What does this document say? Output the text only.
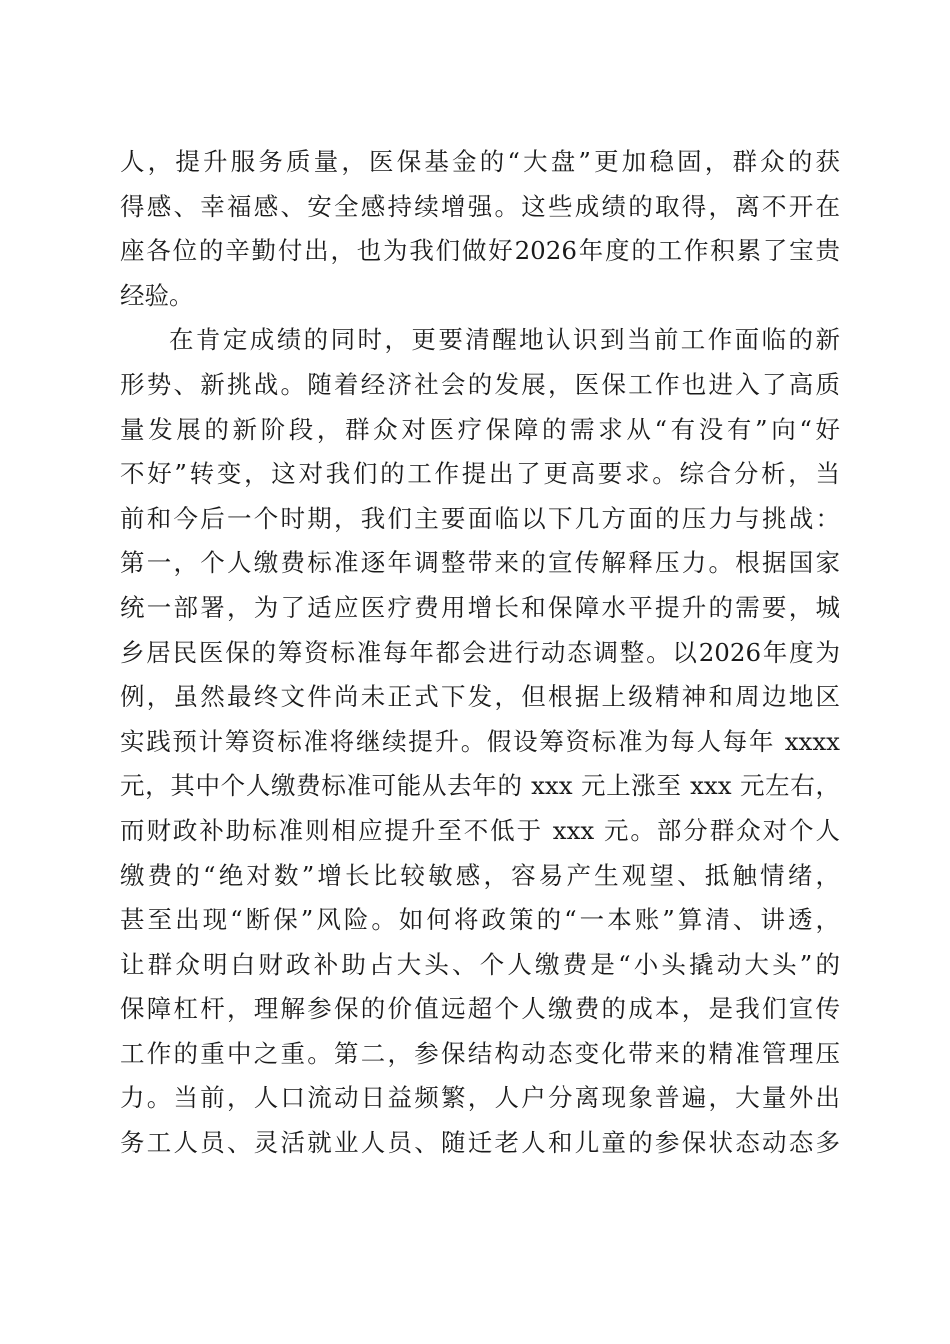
人，提升服务质量，医保基金的“大盘”更加稳固，群众的获
得感、幸福感、安全感持续增强。这些成绩的取得，离不开在
座各位的辛勤付出，也为我们做好2026年度的工作积累了宝贵
经验。
在肯定成绩的同时，更要清醒地认识到当前工作面临的新
形势、新挑战。随着经济社会的发展，医保工作也进入了高质
量发展的新阶段，群众对医疗保障的需求从“有没有”向“好
不好”转变，这对我们的工作提出了更高要求。综合分析，当
前和今后一个时期，我们主要面临以下几方面的压力与挑战：
第一，个人缴费标准逐年调整带来的宣传解释压力。根据国家
统一部署，为了适应医疗费用增长和保障水平提升的需要，城
乡居民医保的筹资标准每年都会进行动态调整。以2026年度为
例，虽然最终文件尚未正式下发，但根据上级精神和周边地区
实践预计筹资标准将继续提升。假设筹资标准为每人每年 xxxx
元，其中个人缴费标准可能从去年的 xxx 元上涨至 xxx 元左右，
而财政补助标准则相应提升至不低于 xxx 元。部分群众对个人
缴费的“绝对数”增长比较敏感，容易产生观望、抵触情绪，
甚至出现“断保”风险。如何将政策的“一本账”算清、讲透，
让群众明白财政补助占大头、个人缴费是“小头撬动大头”的
保障杠杆，理解参保的价值远超个人缴费的成本，是我们宣传
工作的重中之重。第二，参保结构动态变化带来的精准管理压
力。当前，人口流动日益频繁，人户分离现象普遍，大量外出
务工人员、灵活就业人员、随迁老人和儿童的参保状态动态多
